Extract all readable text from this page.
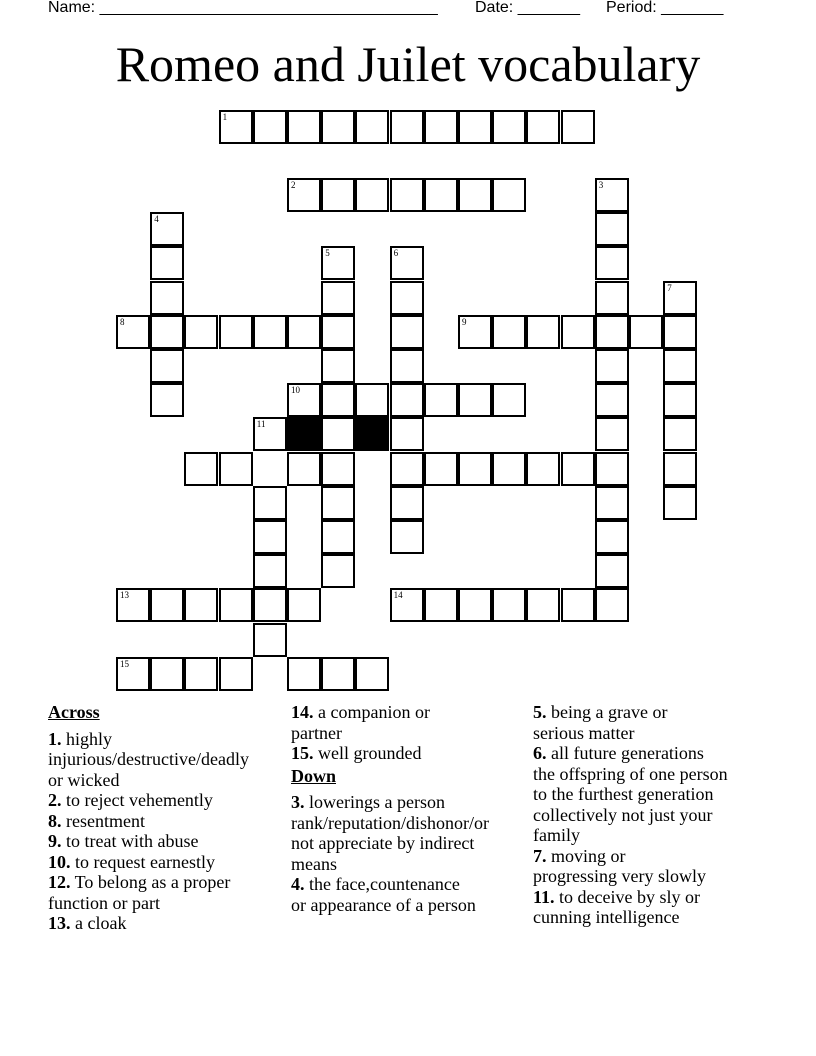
Name: ______________________________________ Date: _______ Period: _______
Romeo and Juilet vocabulary
1
2	3
4
5	6
7
8	9
10
11
13	14
15
Across
1. highly
injurious/destructive/deadly
or wicked
2. to reject vehemently
8. resentment
9. to treat with abuse
10. to request earnestly
12. To belong as a proper
function or part
13. a cloak
14. a companion or
partner
15. well grounded
Down
3. lowerings a person
rank/reputation/dishonor/or
not appreciate by indirect
means
4. the face,countenance
or appearance of a person
5. being a grave or
serious matter
6. all future generations
the offspring of one person
to the furthest generation
collectively not just your
family
7. moving or
progressing very slowly
11. to deceive by sly or
cunning intelligence
